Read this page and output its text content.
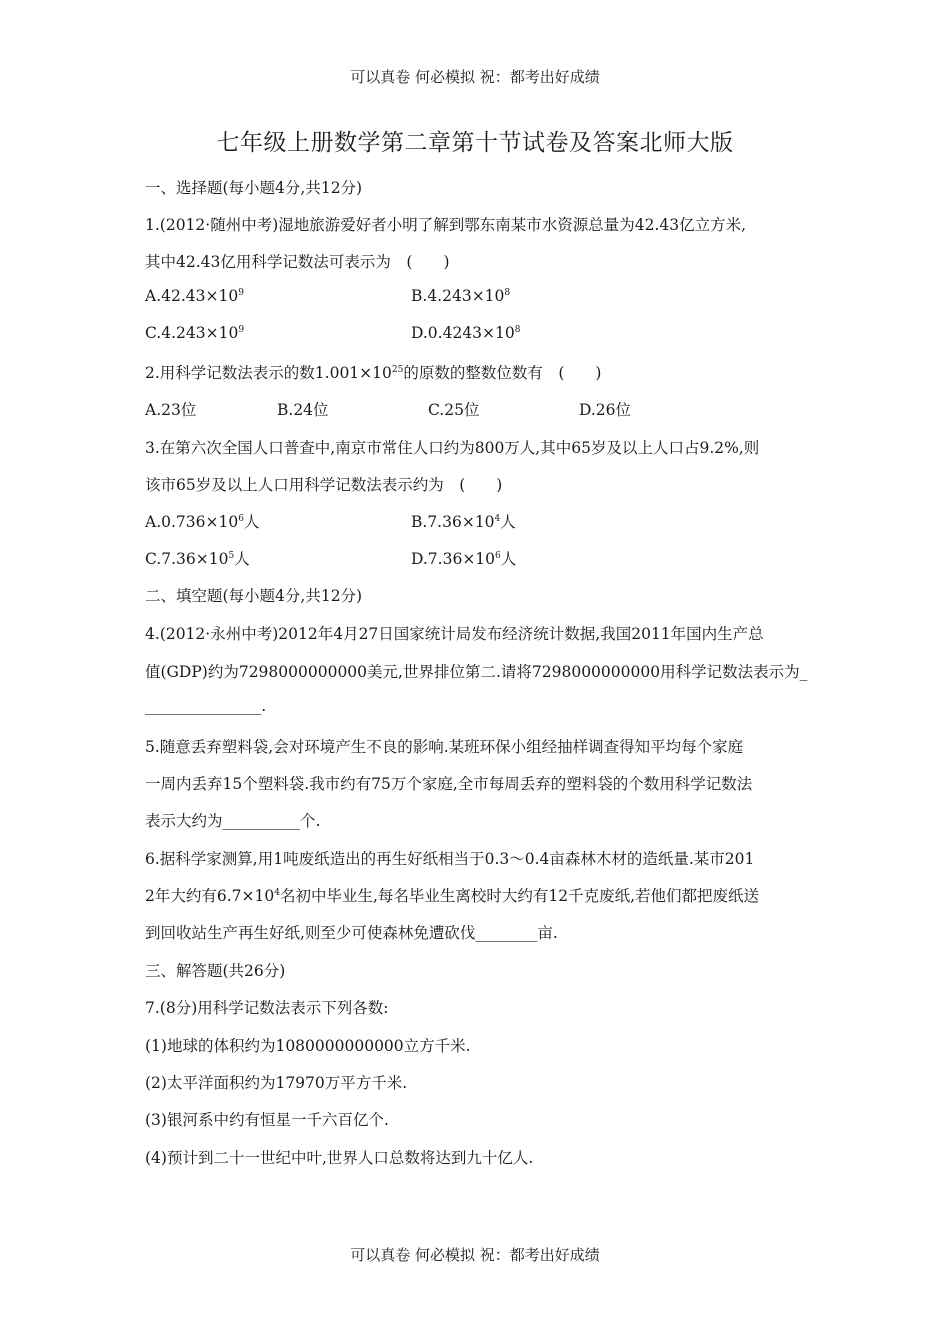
可以真卷 何必模拟 祝：都考出好成绩
七年级上册数学第二章第十节试卷及答案北师大版
一、选择题(每小题4分,共12分)
1.(2012·随州中考)湿地旅游爱好者小明了解到鄂东南某市水资源总量为42.43亿立方米,
其中42.43亿用科学记数法可表示为　 (　　)
$A.42.43\times 10^9$	$B.4.243\times 10^8$
$C.4.243\times 10^9$	$D.0.4243\times 10^8$
2.用科学记数法表示的数$1.001\times 10^{25}$的原数的整数位数有　 (　　)
A.23位	B.24位	C.25位	D.26位
3.在第六次全国人口普查中,南京市常住人口约为800万人,其中65岁及以上人口占9.2%,则
该市65岁及以上人口用科学记数法表示约为　 (　　)
$A.0.736\times 10^6$人	$B.7.36\times 10^4$人
$C.7.36\times 10^5$人	$D.7.36\times 10^6$人
二、填空题(每小题4分,共12分)
4.(2012·永州中考)2012年4月27日国家统计局发布经济统计数据,我国2011年国内生产总
值(GDP)约为7298000000000美元,世界排位第二.请将7298000000000用科学记数法表示为_
_______________.
5.随意丢弃塑料袋,会对环境产生不良的影响.某班环保小组经抽样调查得知平均每个家庭
一周内丢弃15个塑料袋.我市约有75万个家庭,全市每周丢弃的塑料袋的个数用科学记数法
表示大约为__________个.
6.据科学家测算,用1吨废纸造出的再生好纸相当于0.3～0.4亩森林木材的造纸量.某市201
2年大约有$6.7\times 10^4$名初中毕业生,每名毕业生离校时大约有12千克废纸,若他们都把废纸送
到回收站生产再生好纸,则至少可使森林免遭砍伐________亩.
三、解答题(共26分)
7.(8分)用科学记数法表示下列各数:
(1)地球的体积约为1080000000000立方千米.
(2)太平洋面积约为17970万平方千米.
(3)银河系中约有恒星一千六百亿个.
(4)预计到二十一世纪中叶,世界人口总数将达到九十亿人.
可以真卷 何必模拟 祝：都考出好成绩
